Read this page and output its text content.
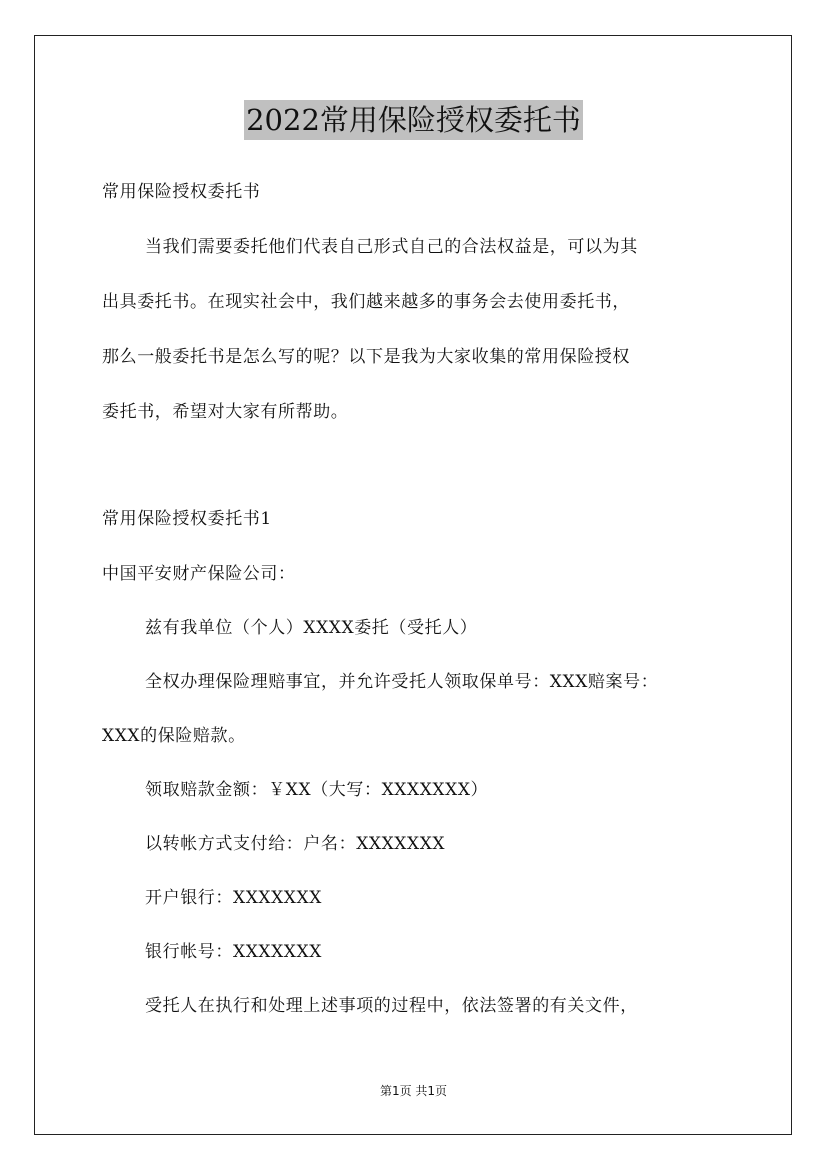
2022常用保险授权委托书
常用保险授权委托书
当我们需要委托他们代表自己形式自己的合法权益是，可以为其
出具委托书。在现实社会中，我们越来越多的事务会去使用委托书，
那么一般委托书是怎么写的呢？以下是我为大家收集的常用保险授权
委托书，希望对大家有所帮助。
常用保险授权委托书1
中国平安财产保险公司：
兹有我单位（个人）XXXX委托（受托人）
全权办理保险理赔事宜，并允许受托人领取保单号：XXX赔案号：
XXX的保险赔款。
领取赔款金额：￥XX（大写：XXXXXXX）
以转帐方式支付给：户名：XXXXXXX
开户银行：XXXXXXX
银行帐号：XXXXXXX
受托人在执行和处理上述事项的过程中，依法签署的有关文件，
第1页 共1页
